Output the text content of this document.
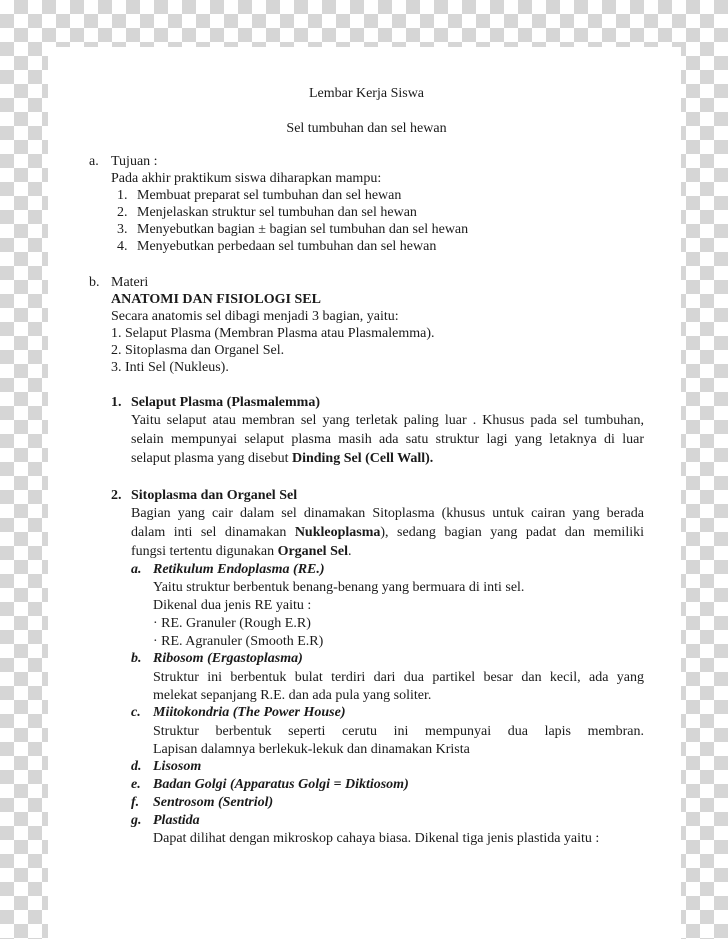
Lembar Kerja Siswa
Sel tumbuhan dan sel hewan
a. Tujuan :
Pada akhir praktikum siswa diharapkan mampu:
1. Membuat preparat sel tumbuhan dan sel hewan
2. Menjelaskan struktur sel tumbuhan dan sel hewan
3. Menyebutkan bagian ± bagian sel tumbuhan dan sel hewan
4. Menyebutkan perbedaan sel tumbuhan dan sel hewan
b. Materi
ANATOMI DAN FISIOLOGI SEL
Secara anatomis sel dibagi menjadi 3 bagian, yaitu:
1. Selaput Plasma (Membran Plasma atau Plasmalemma).
2. Sitoplasma dan Organel Sel.
3. Inti Sel (Nukleus).
1. Selaput Plasma (Plasmalemma)
Yaitu selaput atau membran sel yang terletak paling luar . Khusus pada sel tumbuhan,
selain mempunyai selaput plasma masih ada satu struktur lagi yang letaknya di luar
selaput plasma yang disebut Dinding Sel (Cell Wall).
2. Sitoplasma dan Organel Sel
Bagian yang cair dalam sel dinamakan Sitoplasma (khusus untuk cairan yang berada
dalam inti sel dinamakan Nukleoplasma), sedang bagian yang padat dan memiliki
fungsi tertentu digunakan Organel Sel.
a. Retikulum Endoplasma (RE.)
Yaitu struktur berbentuk benang-benang yang bermuara di inti sel.
Dikenal dua jenis RE yaitu :
· RE. Granuler (Rough E.R)
· RE. Agranuler (Smooth E.R)
b. Ribosom (Ergastoplasma)
Struktur ini berbentuk bulat terdiri dari dua partikel besar dan kecil, ada yang
melekat sepanjang R.E. dan ada pula yang soliter.
c. Miitokondria (The Power House)
Struktur berbentuk seperti cerutu ini mempunyai dua lapis membran.
Lapisan dalamnya berlekuk-lekuk dan dinamakan Krista
d. Lisosom
e. Badan Golgi (Apparatus Golgi = Diktiosom)
f. Sentrosom (Sentriol)
g. Plastida
Dapat dilihat dengan mikroskop cahaya biasa. Dikenal tiga jenis plastida yaitu :
